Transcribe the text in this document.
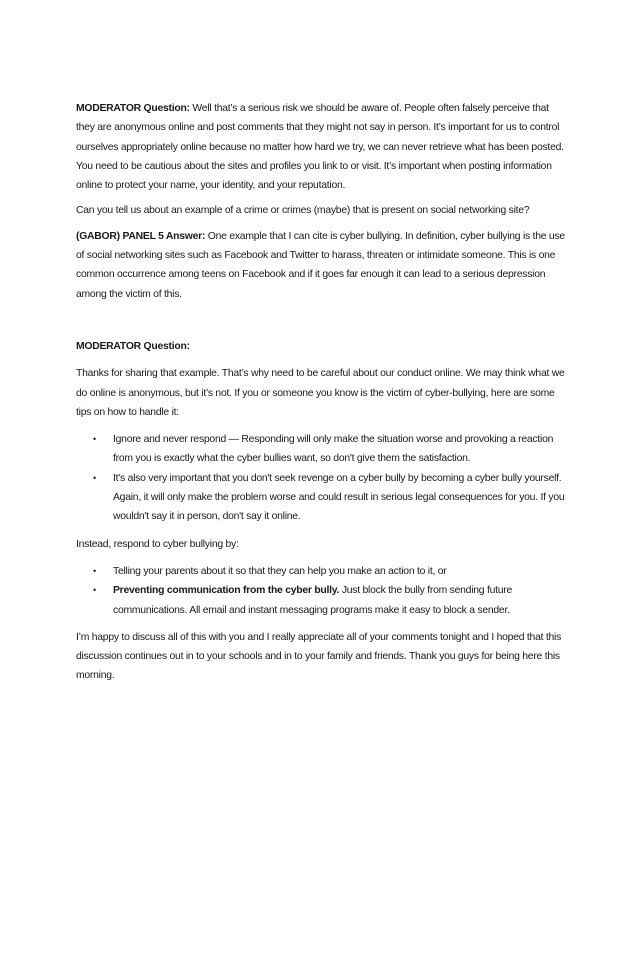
MODERATOR Question: Well that’s a serious risk we should be aware of. People often falsely perceive that they are anonymous online and post comments that they might not say in person. It’s important for us to control ourselves appropriately online because no matter how hard we try, we can never retrieve what has been posted. You need to be cautious about the sites and profiles you link to or visit. It’s important when posting information online to protect your name, your identity, and your reputation.

Can you tell us about an example of a crime or crimes (maybe) that is present on social networking site?

(GABOR) PANEL 5 Answer: One example that I can cite is cyber bullying. In definition, cyber bullying is the use of social networking sites such as Facebook and Twitter to harass, threaten or intimidate someone. This is one common occurrence among teens on Facebook and if it goes far enough it can lead to a serious depression among the victim of this.

MODERATOR Question:

Thanks for sharing that example. That’s why need to be careful about our conduct online. We may think what we do online is anonymous, but it’s not. If you or someone you know is the victim of cyber-bullying, here are some tips on how to handle it:

• Ignore and never respond — Responding will only make the situation worse and provoking a reaction from you is exactly what the cyber bullies want, so don't give them the satisfaction.
• It's also very important that you don't seek revenge on a cyber bully by becoming a cyber bully yourself. Again, it will only make the problem worse and could result in serious legal consequences for you. If you wouldn't say it in person, don't say it online.

Instead, respond to cyber bullying by:

• Telling your parents about it so that they can help you make an action to it, or
• Preventing communication from the cyber bully. Just block the bully from sending future communications. All email and instant messaging programs make it easy to block a sender.

I’m happy to discuss all of this with you and I really appreciate all of your comments tonight and I hoped that this discussion continues out in to your schools and in to your family and friends. Thank you guys for being here this morning.
